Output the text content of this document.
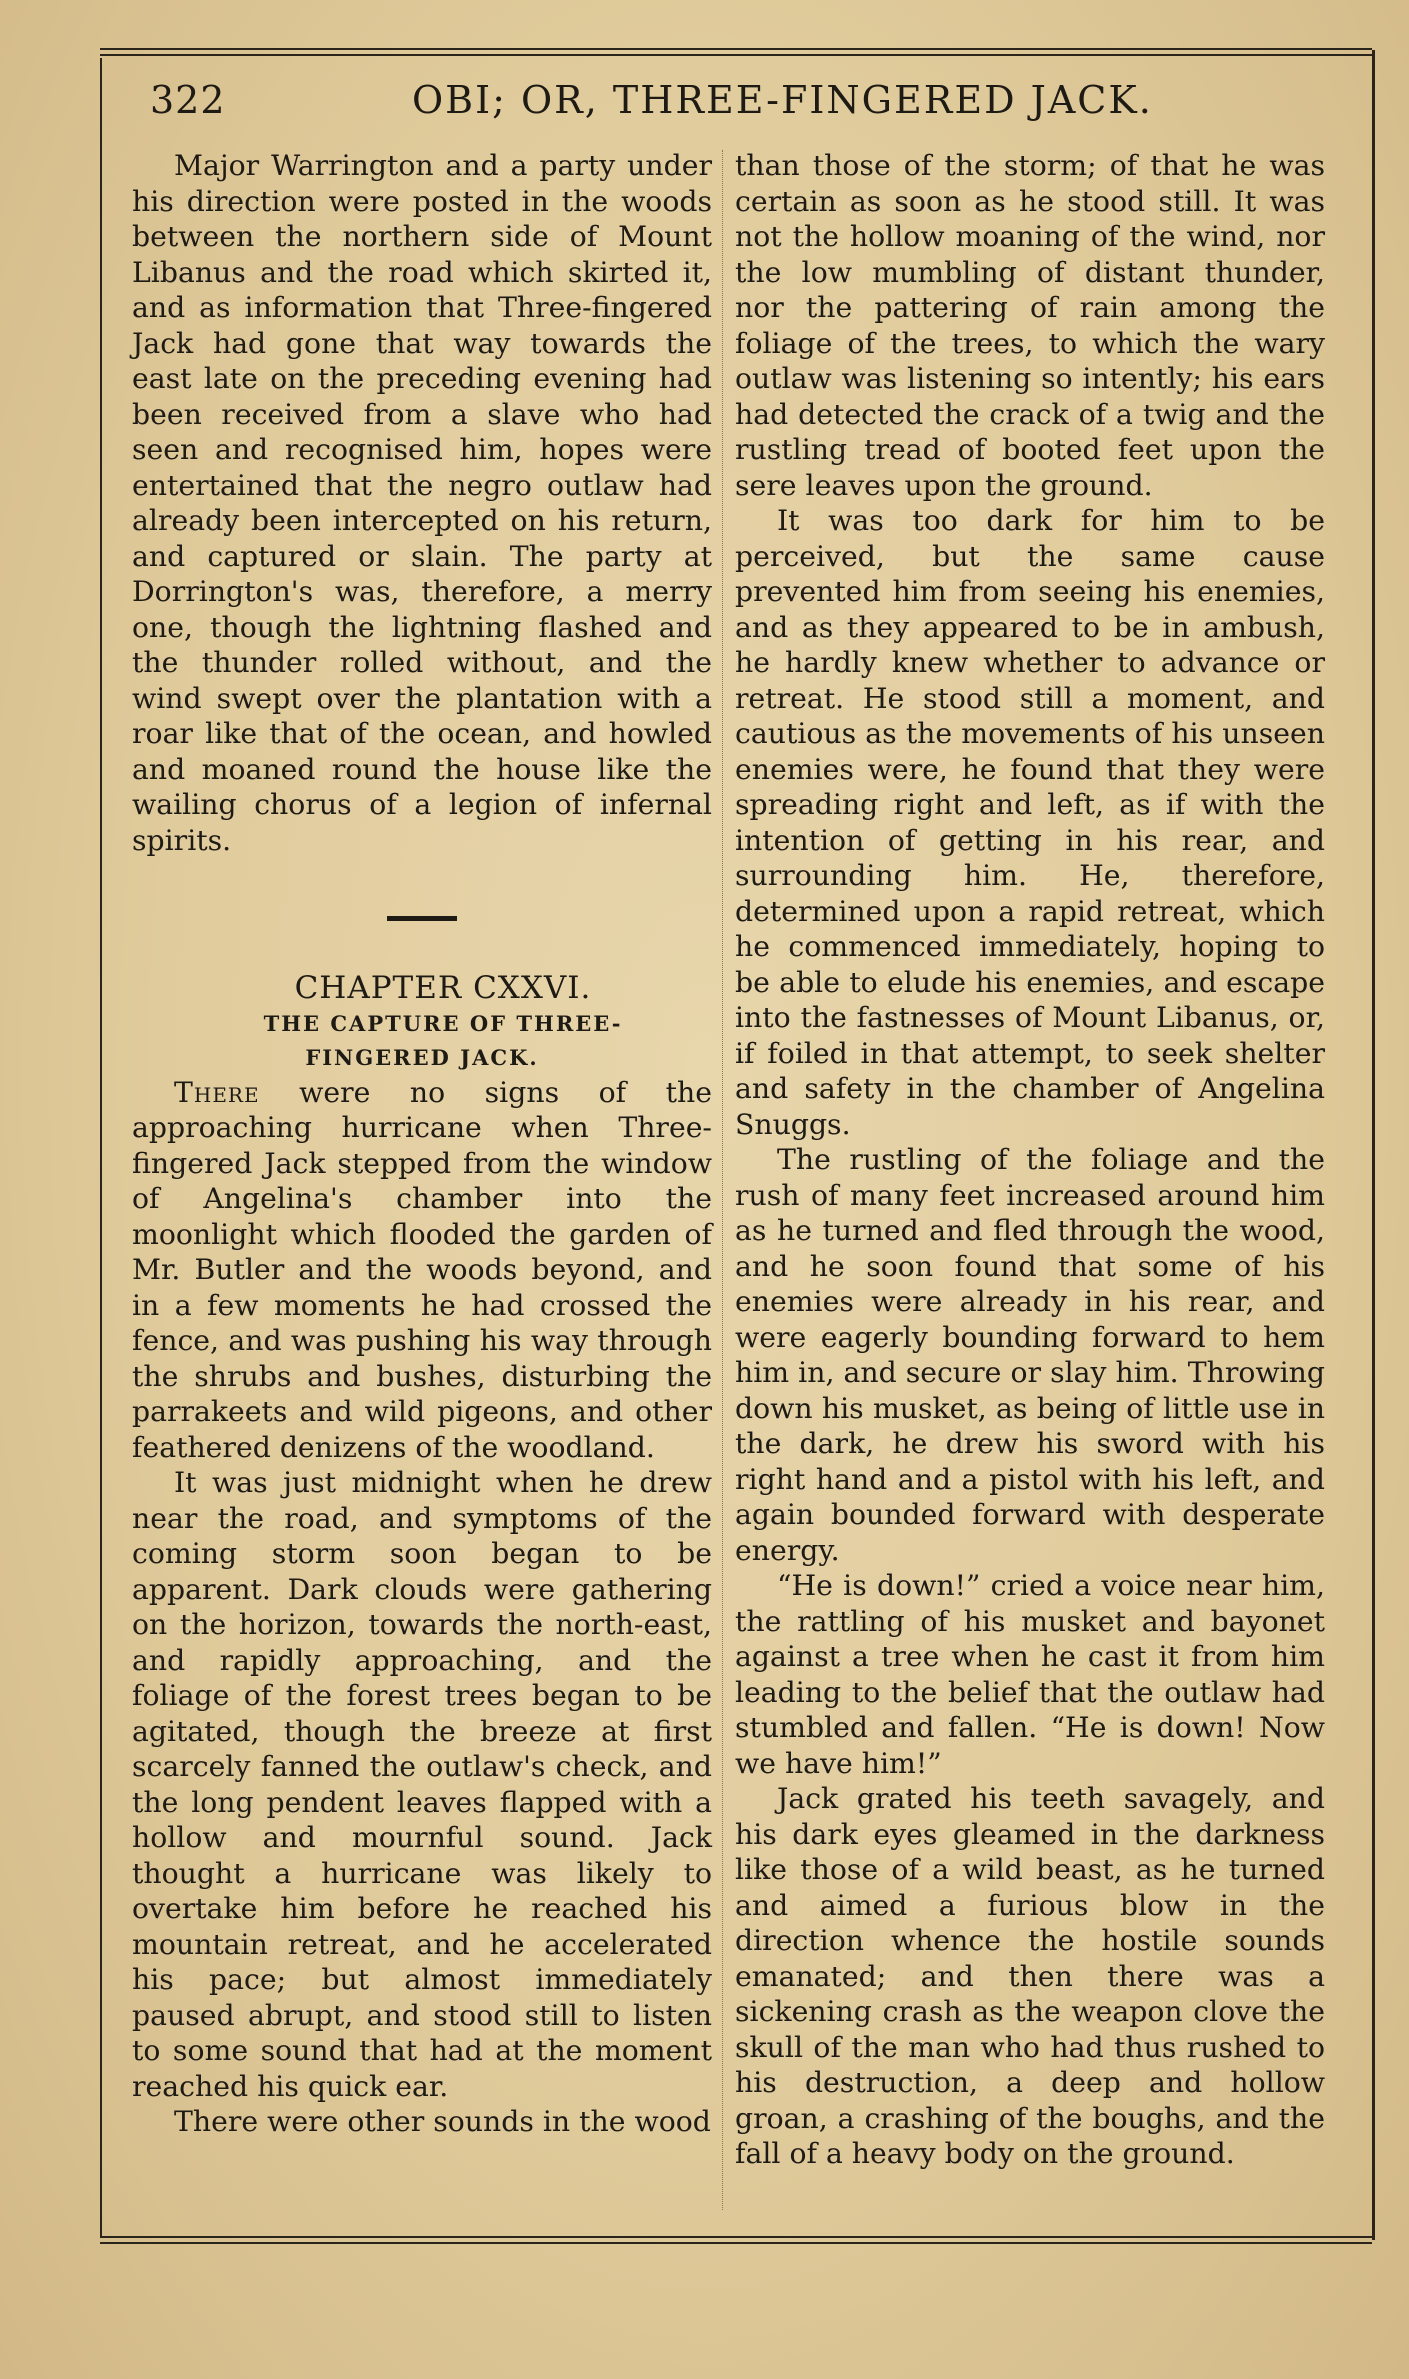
322	OBI; OR, THREE-FINGERED JACK.

Major Warrington and a party under his direction were posted in the woods between the northern side of Mount Libanus and the road which skirted it, and as information that Three-fingered Jack had gone that way towards the east late on the preceding evening had been received from a slave who had seen and recognised him, hopes were entertained that the negro outlaw had already been intercepted on his return, and captured or slain. The party at Dorrington's was, therefore, a merry one, though the lightning flashed and the thunder rolled without, and the wind swept over the plantation with a roar like that of the ocean, and howled and moaned round the house like the wailing chorus of a legion of infernal spirits.

CHAPTER CXXVI.

THE CAPTURE OF THREE-FINGERED JACK.

There were no signs of the approaching hurricane when Three-fingered Jack stepped from the window of Angelina's chamber into the moonlight which flooded the garden of Mr. Butler and the woods beyond, and in a few moments he had crossed the fence, and was pushing his way through the shrubs and bushes, disturbing the parrakeets and wild pigeons, and other feathered denizens of the woodland.

It was just midnight when he drew near the road, and symptoms of the coming storm soon began to be apparent. Dark clouds were gathering on the horizon, towards the north-east, and rapidly approaching, and the foliage of the forest trees began to be agitated, though the breeze at first scarcely fanned the outlaw's check, and the long pendent leaves flapped with a hollow and mournful sound. Jack thought a hurricane was likely to overtake him before he reached his mountain retreat, and he accelerated his pace; but almost immediately paused abrupt, and stood still to listen to some sound that had at the moment reached his quick ear.

There were other sounds in the wood

than those of the storm; of that he was certain as soon as he stood still. It was not the hollow moaning of the wind, nor the low mumbling of distant thunder, nor the pattering of rain among the foliage of the trees, to which the wary outlaw was listening so intently; his ears had detected the crack of a twig and the rustling tread of booted feet upon the sere leaves upon the ground.

It was too dark for him to be perceived, but the same cause prevented him from seeing his enemies, and as they appeared to be in ambush, he hardly knew whether to advance or retreat. He stood still a moment, and cautious as the movements of his unseen enemies were, he found that they were spreading right and left, as if with the intention of getting in his rear, and surrounding him. He, therefore, determined upon a rapid retreat, which he commenced immediately, hoping to be able to elude his enemies, and escape into the fastnesses of Mount Libanus, or, if foiled in that attempt, to seek shelter and safety in the chamber of Angelina Snuggs.

The rustling of the foliage and the rush of many feet increased around him as he turned and fled through the wood, and he soon found that some of his enemies were already in his rear, and were eagerly bounding forward to hem him in, and secure or slay him. Throwing down his musket, as being of little use in the dark, he drew his sword with his right hand and a pistol with his left, and again bounded forward with desperate energy.

“He is down!” cried a voice near him, the rattling of his musket and bayonet against a tree when he cast it from him leading to the belief that the outlaw had stumbled and fallen. “He is down! Now we have him!”

Jack grated his teeth savagely, and his dark eyes gleamed in the darkness like those of a wild beast, as he turned and aimed a furious blow in the direction whence the hostile sounds emanated; and then there was a sickening crash as the weapon clove the skull of the man who had thus rushed to his destruction, a deep and hollow groan, a crashing of the boughs, and the fall of a heavy body on the ground.
